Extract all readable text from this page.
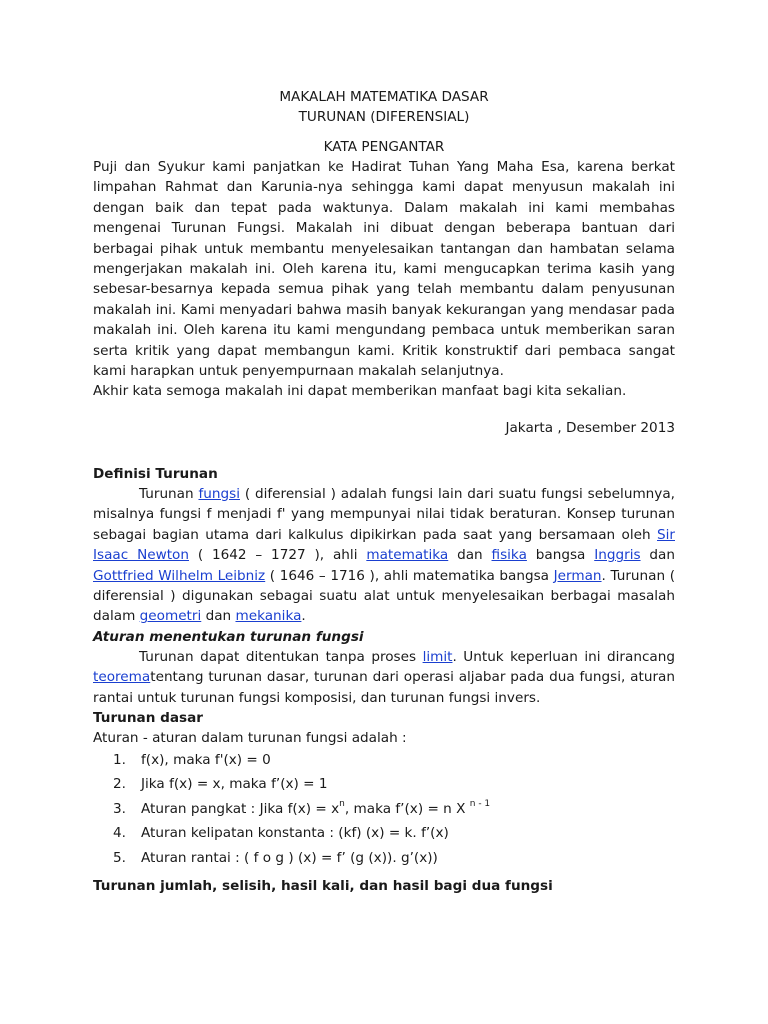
MAKALAH MATEMATIKA DASAR
TURUNAN (DIFERENSIAL)
KATA PENGANTAR

Puji dan Syukur kami panjatkan ke Hadirat Tuhan Yang Maha Esa, karena berkat limpahan Rahmat dan Karunia-nya sehingga kami dapat menyusun makalah ini dengan baik dan tepat pada waktunya. Dalam makalah ini kami membahas mengenai Turunan Fungsi. Makalah ini dibuat dengan beberapa bantuan dari berbagai pihak untuk membantu menyelesaikan tantangan dan hambatan selama mengerjakan makalah ini. Oleh karena itu, kami mengucapkan terima kasih yang sebesar-besarnya kepada semua pihak yang telah membantu dalam penyusunan makalah ini. Kami menyadari bahwa masih banyak kekurangan yang mendasar pada makalah ini. Oleh karena itu kami mengundang pembaca untuk memberikan saran serta kritik yang dapat membangun kami. Kritik konstruktif dari pembaca sangat kami harapkan untuk penyempurnaan makalah selanjutnya.

Akhir kata semoga makalah ini dapat memberikan manfaat bagi kita sekalian.

Jakarta , Desember 2013
Definisi Turunan

Turunan fungsi ( diferensial ) adalah fungsi lain dari suatu fungsi sebelumnya, misalnya fungsi f menjadi f' yang mempunyai nilai tidak beraturan. Konsep turunan sebagai bagian utama dari kalkulus dipikirkan pada saat yang bersamaan oleh Sir Isaac Newton ( 1642 – 1727 ), ahli matematika dan fisika bangsa Inggris dan Gottfried Wilhelm Leibniz ( 1646 – 1716 ), ahli matematika bangsa Jerman. Turunan ( diferensial ) digunakan sebagai suatu alat untuk menyelesaikan berbagai masalah dalam geometri dan mekanika.

Aturan menentukan turunan fungsi

Turunan dapat ditentukan tanpa proses limit. Untuk keperluan ini dirancang teorematentang turunan dasar, turunan dari operasi aljabar pada dua fungsi, aturan rantai untuk turunan fungsi komposisi, dan turunan fungsi invers.

Turunan dasar
Aturan - aturan dalam turunan fungsi adalah :
1. f(x), maka f'(x) = 0
2. Jika f(x) = x, maka f’(x) = 1
3. Aturan pangkat : Jika $f(x) = x^n$, maka f’(x) = n X $^{n - 1}$
4. Aturan kelipatan konstanta : (kf) (x) = k. f’(x)
5. Aturan rantai : ( f o g ) (x) = f’ (g (x)). g’(x))
Turunan jumlah, selisih, hasil kali, dan hasil bagi dua fungsi
